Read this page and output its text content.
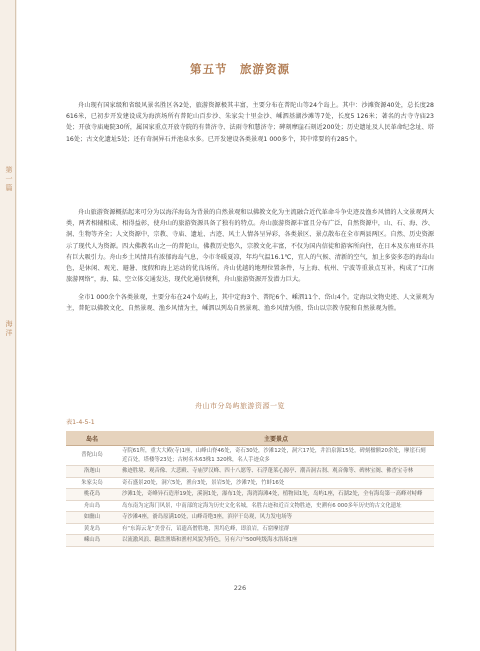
第一篇
海洋
第五节　旅游资源

舟山现有国家级和省级风景名胜区各2处，旅游资源极其丰富，主要分布在普陀山等24个岛上。其中：沙滩资源40处，总长度28 616米，已初步开发建设成为海滨场所有普陀山百步沙、朱家尖十里金沙、嵊泗基湖沙滩等7处，长度5 126米；著名的古寺寺庙23处；开放寺庙庵院30所，属国家重点开放寺院的有普济寺、法雨寺和慧济寺；碑刻摩崖石刻近200处；历史遗址及人民革命纪念址、塔16处；古文化遗址5处；还有奇洞异石并池泉水多。已开发建设各类景观1 000多个，其中常要的有285个。

舟山旅游资源概括起来可分为以海洋海岛为背景的自然景观和以佛教文化为主流融合近代革命斗争史迹及渔乡风情的人文景观两大类，两者相辅相成、相得益彰，使舟山的旅游资源具备了独有的特点。舟山旅游资源丰富且分布广泛，自然资源中，山、石、海、沙、洞、生物等齐全；人文资源中，宗教、寺庙、遗址、古迹、风土人情各呈异彩，各类景区、景点散布在全市两县两区。自然、历史资源示了现代人为资源。四大佛教名山之一的普陀山，佛教历史悠久，宗教文化丰富，不仅为国内信徒和游客所向往，在日本及东南亚亦具有巨大吸引力。舟山乡土风情具有浓郁海岛气息，今市冬暖夏凉，年均气温16.1℃，宜人的气候、清新的空气，加上多姿多态的海岛山色，是休闲、观光、避暑、度假和海上运动的优良场所。舟山优越的地理位置条件，与上海、杭州、宁波等重景点互补，构成了“江南旅游网络”，海、陆、空立体交通发达，现代化通信便利，舟山旅游资源开发潜力巨大。

全市1 000余个各类景观，主要分布在24个岛屿上，其中定海3个、普陀6个、嵊泗11个、岱山4个。定海以文物史迹、人文景观为主，普陀以佛教文化、自然景观、渔乡风情为主，嵊泗以列岛自然景观、渔乡风情为胜，岱山以宗教寺院和自然景观为胜。

舟山市分岛屿旅游资源一览
表1-4-5-1
岛名	主要景点
普陀山岛	寺院61所，重大大殿(寺)1座，山峰山脊46处，奇石30处，沙滩12处，洞穴17处，井泊泉源15处，碑刻楹额20余处，摩崖石刻近百处，塔楼等23处；古树名木63株1 320株，名人手迹众多
洛迦山	佛迹胜境、观音像、大悲殿、寺庙罗汉峰、四十八愿等、石浮蓬莱心源亭、潮音洞古刹、观音像等、碑林宝阁、佛香宝寺林
朱家尖岛	奇石盛景20处，洞穴5处，渔台3处，景岩5处，沙滩7处，竹蚌16处
桃花岛	沙滩1处，奇峰异石造形19处，溪涧1处，瀑布1处，海湾海滩4处，植物园1处，岛屿1座，石湖2处，全有海岛第一高峰对峙峰
舟山岛	岛东南为定海门风景，中南部的定海为历史文化名城，名胜古迹和近百文物胜迹，史溯有6 000多年历史的古文化遗址
如幽山	寺沙滩4座，嵛岛原满10处，山峰奇绝3座，滨岸干岛观，风力发电场等
黄龙岛	有“东海云龙”美誉石，诏遗高僧胜地，黑坞危峰，即浪岩，石窟摩崖群
嵊山岛	以流激风浪、翻盘渔墙和渔村风貌为特色，另有六户500吨级海水浴场1座
226
